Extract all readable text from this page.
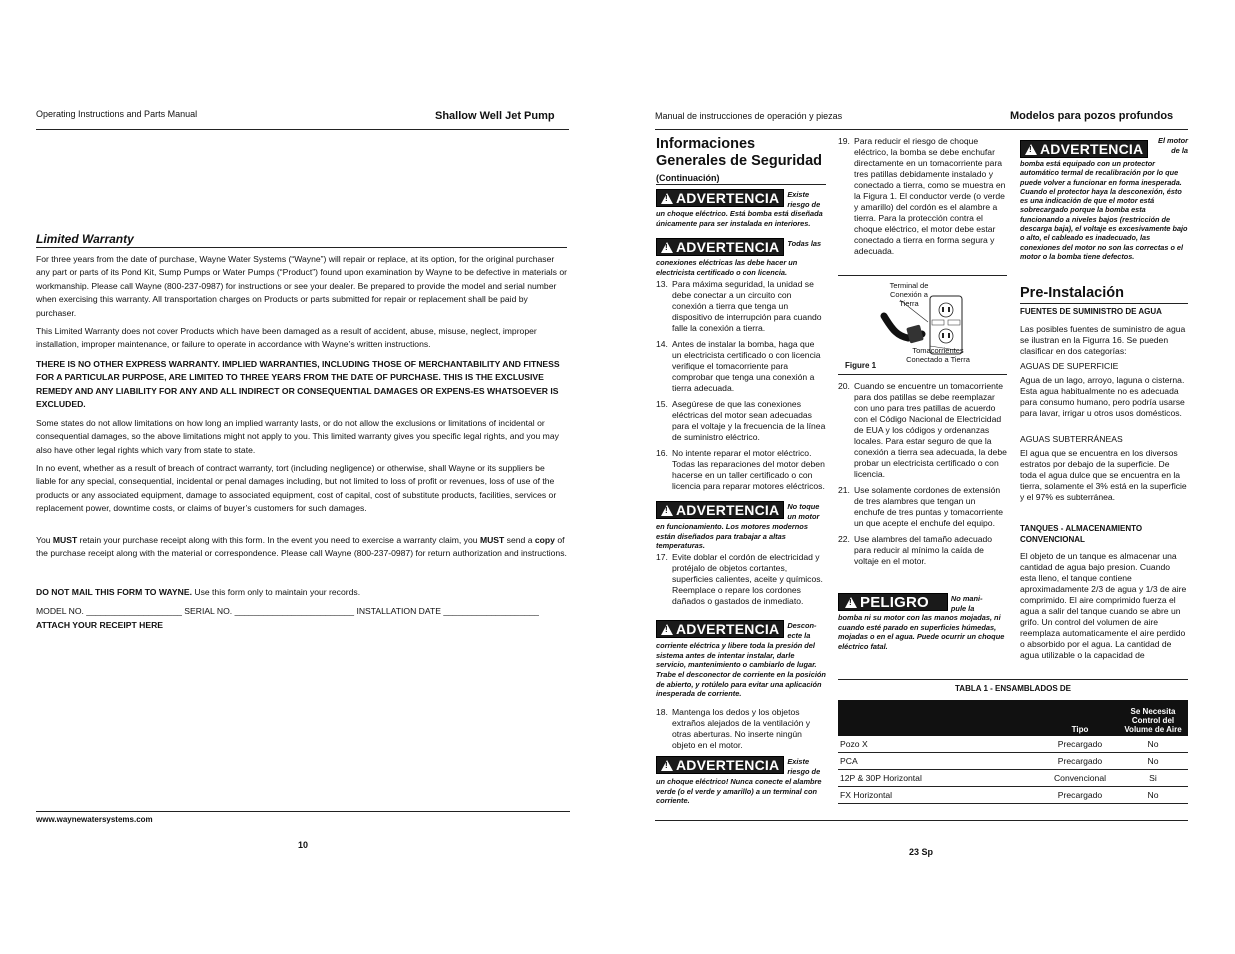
Operating Instructions and Parts Manual	Shallow Well Jet Pump
Limited Warranty
For three years from the date of purchase, Wayne Water Systems (“Wayne”) will repair or replace, at its option, for the original purchaser any part or parts of its Pond Kit, Sump Pumps or Water Pumps (“Product”) found upon examination by Wayne to be defective in materials or workmanship. Please call Wayne (800-237-0987) for instructions or see your dealer. Be prepared to provide the model and serial number when exercising this warranty. All transportation charges on Products or parts submitted for repair or replacement shall be paid by purchaser.
This Limited Warranty does not cover Products which have been damaged as a result of accident, abuse, misuse, neglect, improper installation, improper maintenance, or failure to operate in accordance with Wayne’s written instructions.
THERE IS NO OTHER EXPRESS WARRANTY. IMPLIED WARRANTIES, INCLUDING THOSE OF MERCHANTABILITY AND FITNESS FOR A PARTICULAR PURPOSE, ARE LIMITED TO THREE YEARS FROM THE DATE OF PURCHASE. THIS IS THE EXCLUSIVE REMEDY AND ANY LIABILITY FOR ANY AND ALL INDIRECT OR CONSEQUENTIAL DAMAGES OR EXPENS-ES WHATSOEVER IS EXCLUDED.
Some states do not allow limitations on how long an implied warranty lasts, or do not allow the exclusions or limitations of incidental or consequential damages, so the above limitations might not apply to you. This limited warranty gives you specific legal rights, and you may also have other legal rights which vary from state to state.
In no event, whether as a result of breach of contract warranty, tort (including negligence) or otherwise, shall Wayne or its suppliers be liable for any special, consequential, incidental or penal damages including, but not limited to loss of profit or revenues, loss of use of the products or any associated equipment, damage to associated equipment, cost of capital, cost of substitute products, facilities, services or replacement power, downtime costs, or claims of buyer’s customers for such damages.
You MUST retain your purchase receipt along with this form. In the event you need to exercise a warranty claim, you MUST send a copy of the purchase receipt along with the material or correspondence. Please call Wayne (800-237-0987) for return authorization and instructions.
DO NOT MAIL THIS FORM TO WAYNE. Use this form only to maintain your records.
MODEL NO. ____________________ SERIAL NO. _________________________ INSTALLATION DATE ____________________
ATTACH YOUR RECEIPT HERE
www.waynewatersystems.com
10
Manual de instrucciones de operación y piezas	Modelos para pozos profundos
Informaciones
Generales de Seguridad
(Continuación)
!
ADVERTENCIA Existe riesgo de
un choque eléctrico. Está bomba está diseñada únicamente para ser instalada en interiores.
!
ADVERTENCIA Todas las
conexiones eléctricas las debe hacer un electricista certificado o con licencia.
13. Para máxima seguridad, la unidad se debe conectar a un circuito con conexión a tierra que tenga un dispositivo de interrupción para cuando falle la conexión a tierra.
14. Antes de instalar la bomba, haga que un electricista certificado o con licencia verifique el tomacorriente para comprobar que tenga una conexión a tierra adecuada.
15. Asegúrese de que las conexiones eléctricas del motor sean adecuadas para el voltaje y la frecuencia de la línea de suministro eléctrico.
16. No intente reparar el motor eléctrico. Todas las reparaciones del motor deben hacerse en un taller certificado o con licencia para reparar motores eléctricos.
!
ADVERTENCIA No toque un motor
en funcionamiento. Los motores modernos están diseñados para trabajar a altas temperaturas.
17. Evite doblar el cordón de electricidad y protéjalo de objetos cortantes, superficies calientes, aceite y químicos. Reemplace o repare los cordones dañados o gastados de inmediato.
!
ADVERTENCIA Descon-ecte la
corriente eléctrica y libere toda la presión del sistema antes de intentar instalar, darle servicio, mantenimiento o cambiarlo de lugar. Trabe el desconector de corriente en la posición de abierto, y rotúlelo para evitar una aplicación inesperada de corriente.
18. Mantenga los dedos y los objetos extraños alejados de la ventilación y otras aberturas. No inserte ningún objeto en el motor.
!
ADVERTENCIA Existe riesgo de
un choque eléctrico! Nunca conecte el alambre verde (o el verde y amarillo) a un terminal con corriente.
19. Para reducir el riesgo de choque eléctrico, la bomba se debe enchufar directamente en un tomacorriente para tres patillas debidamente instalado y conectado a tierra, como se muestra en la Figura 1. El conductor verde (o verde y amarillo) del cordón es el alambre a tierra. Para la protección contra el choque eléctrico, el motor debe estar conectado a tierra en forma segura y adecuada.
Terminal de Conexión a Tierra
Tomacorrientes Conectado a Tierra
Figure 1
20. Cuando se encuentre un tomacorriente para dos patillas se debe reemplazar con uno para tres patillas de acuerdo con el Código Nacional de Electricidad de EUA y los códigos y ordenanzas locales. Para estar seguro de que la conexión a tierra sea adecuada, la debe probar un electricista certificado o con licencia.
21. Use solamente cordones de extensión de tres alambres que tengan un enchufe de tres puntas y tomacorriente un que acepte el enchufe del equipo.
22. Use alambres del tamaño adecuado para reducir al mínimo la caída de voltaje en el motor.
!
PELIGRO	No mani-pule la
bomba ni su motor con las manos mojadas, ni cuando esté parado en superficies húmedas, mojadas o en el agua. Puede ocurrir un choque eléctrico fatal.
!
ADVERTENCIA
El motor de la
bomba está equipado con un protector automático termal de recalibración por lo que puede volver a funcionar en forma inesperada. Cuando el protector haya la desconexión, ésto es una indicación de que el motor está sobrecargado porque la bomba esta funcionando a niveles bajos (restricción de descarga baja), el voltaje es excesivamente bajo o alto, el cableado es inadecuado, las conexiones del motor no son las correctas o el motor o la bomba tiene defectos.
Pre-Instalación
FUENTES DE SUMINISTRO DE AGUA
Las posibles fuentes de suministro de agua se ilustran en la Figurra 16. Se pueden clasificar en dos categorías:
AGUAS DE SUPERFICIE
Agua de un lago, arroyo, laguna o cisterna. Esta agua habitualmente no es adecuada para consumo humano, pero podría usarse para lavar, irrigar u otros usos domésticos.
AGUAS SUBTERRÁNEAS
El agua que se encuentra en los diversos estratos por debajo de la superficie. De toda el agua dulce que se encuentra en la tierra, solamente el 3% está en la superficie y el 97% es subterránea.
TANQUES - ALMACENAMIENTO CONVENCIONAL
El objeto de un tanque es almacenar una cantidad de agua bajo presion. Cuando esta lleno, el tanque contiene aproximadamente 2/3 de agua y 1/3 de aire comprimido. El aire comprimido fuerza el agua a salir del tanque cuando se abre un grifo. Un control del volumen de aire reemplaza automaticamente el aire perdido o absorbido por el agua. La cantidad de agua utilizable o la capacidad de
TABLA 1 - ENSAMBLADOS DE
	Tipo	Se Necesita Control del Volume de Aire
Pozo X	Precargado	No
PCA	Precargado	No
12P & 30P Horizontal	Convencional	Si
FX Horizontal	Precargado	No
23 Sp
